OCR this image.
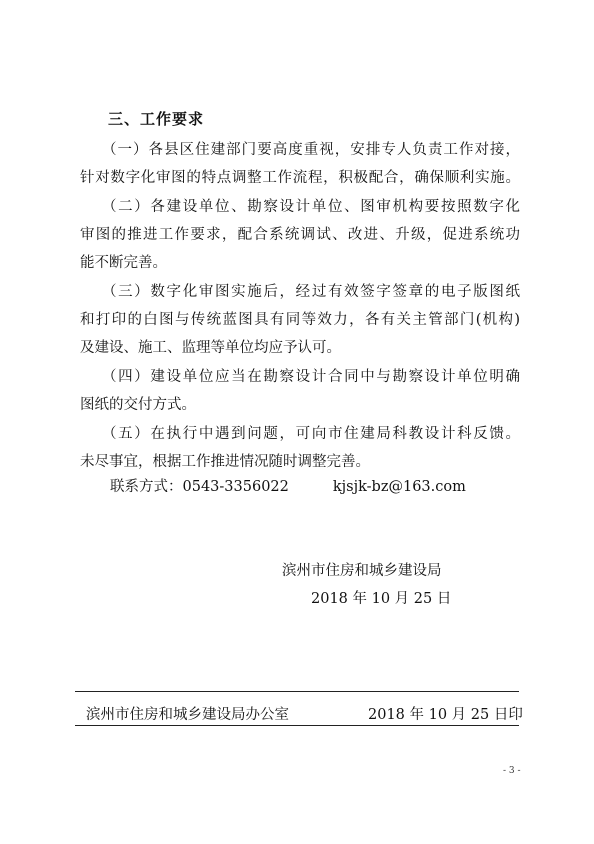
三、工作要求
（一）各县区住建部门要高度重视，安排专人负责工作对接，
针对数字化审图的特点调整工作流程，积极配合，确保顺利实施。
（二）各建设单位、勘察设计单位、图审机构要按照数字化
审图的推进工作要求，配合系统调试、改进、升级，促进系统功
能不断完善。
（三）数字化审图实施后，经过有效签字签章的电子版图纸
和打印的白图与传统蓝图具有同等效力，各有关主管部门(机构)
及建设、施工、监理等单位均应予认可。
（四）建设单位应当在勘察设计合同中与勘察设计单位明确
图纸的交付方式。
（五）在执行中遇到问题，可向市住建局科教设计科反馈。
未尽事宜，根据工作推进情况随时调整完善。
联系方式：0543-3356022	kjsjk-bz@163.com
滨州市住房和城乡建设局
2018 年 10 月 25 日
滨州市住房和城乡建设局办公室	2018 年 10 月 25 日印
- 3 -
